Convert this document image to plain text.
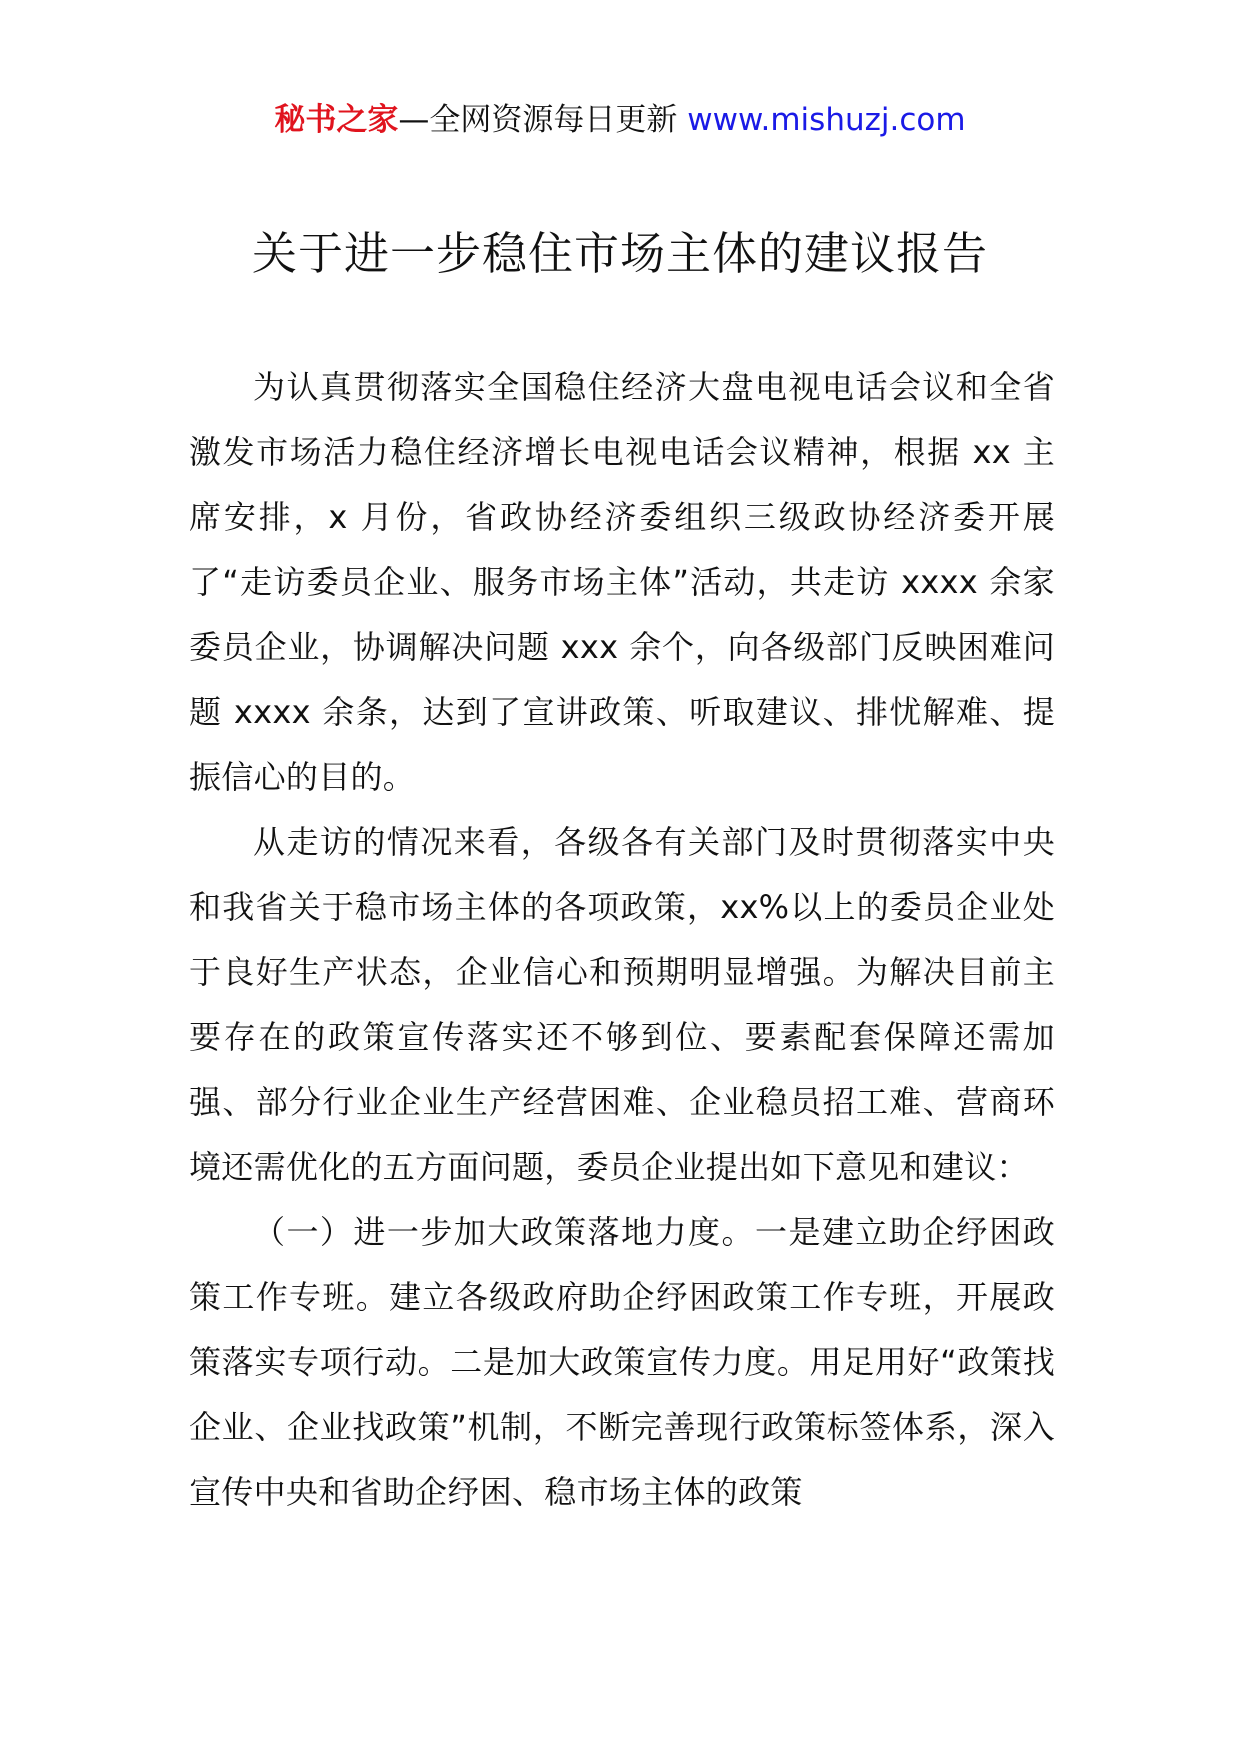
秘书之家—全网资源每日更新 www.mishuzj.com
关于进一步稳住市场主体的建议报告

为认真贯彻落实全国稳住经济大盘电视电话会议和全省激发市场活力稳住经济增长电视电话会议精神，根据 xx 主席安排，x 月份，省政协经济委组织三级政协经济委开展了“走访委员企业、服务市场主体”活动，共走访 xxxx 余家委员企业，协调解决问题 xxx 余个，向各级部门反映困难问题 xxxx 余条，达到了宣讲政策、听取建议、排忧解难、提振信心的目的。

从走访的情况来看，各级各有关部门及时贯彻落实中央和我省关于稳市场主体的各项政策，xx%以上的委员企业处于良好生产状态，企业信心和预期明显增强。为解决目前主要存在的政策宣传落实还不够到位、要素配套保障还需加强、部分行业企业生产经营困难、企业稳员招工难、营商环境还需优化的五方面问题，委员企业提出如下意见和建议：

（一）进一步加大政策落地力度。一是建立助企纾困政策工作专班。建立各级政府助企纾困政策工作专班，开展政策落实专项行动。二是加大政策宣传力度。用足用好“政策找企业、企业找政策”机制，不断完善现行政策标签体系，深入宣传中央和省助企纾困、稳市场主体的政策
